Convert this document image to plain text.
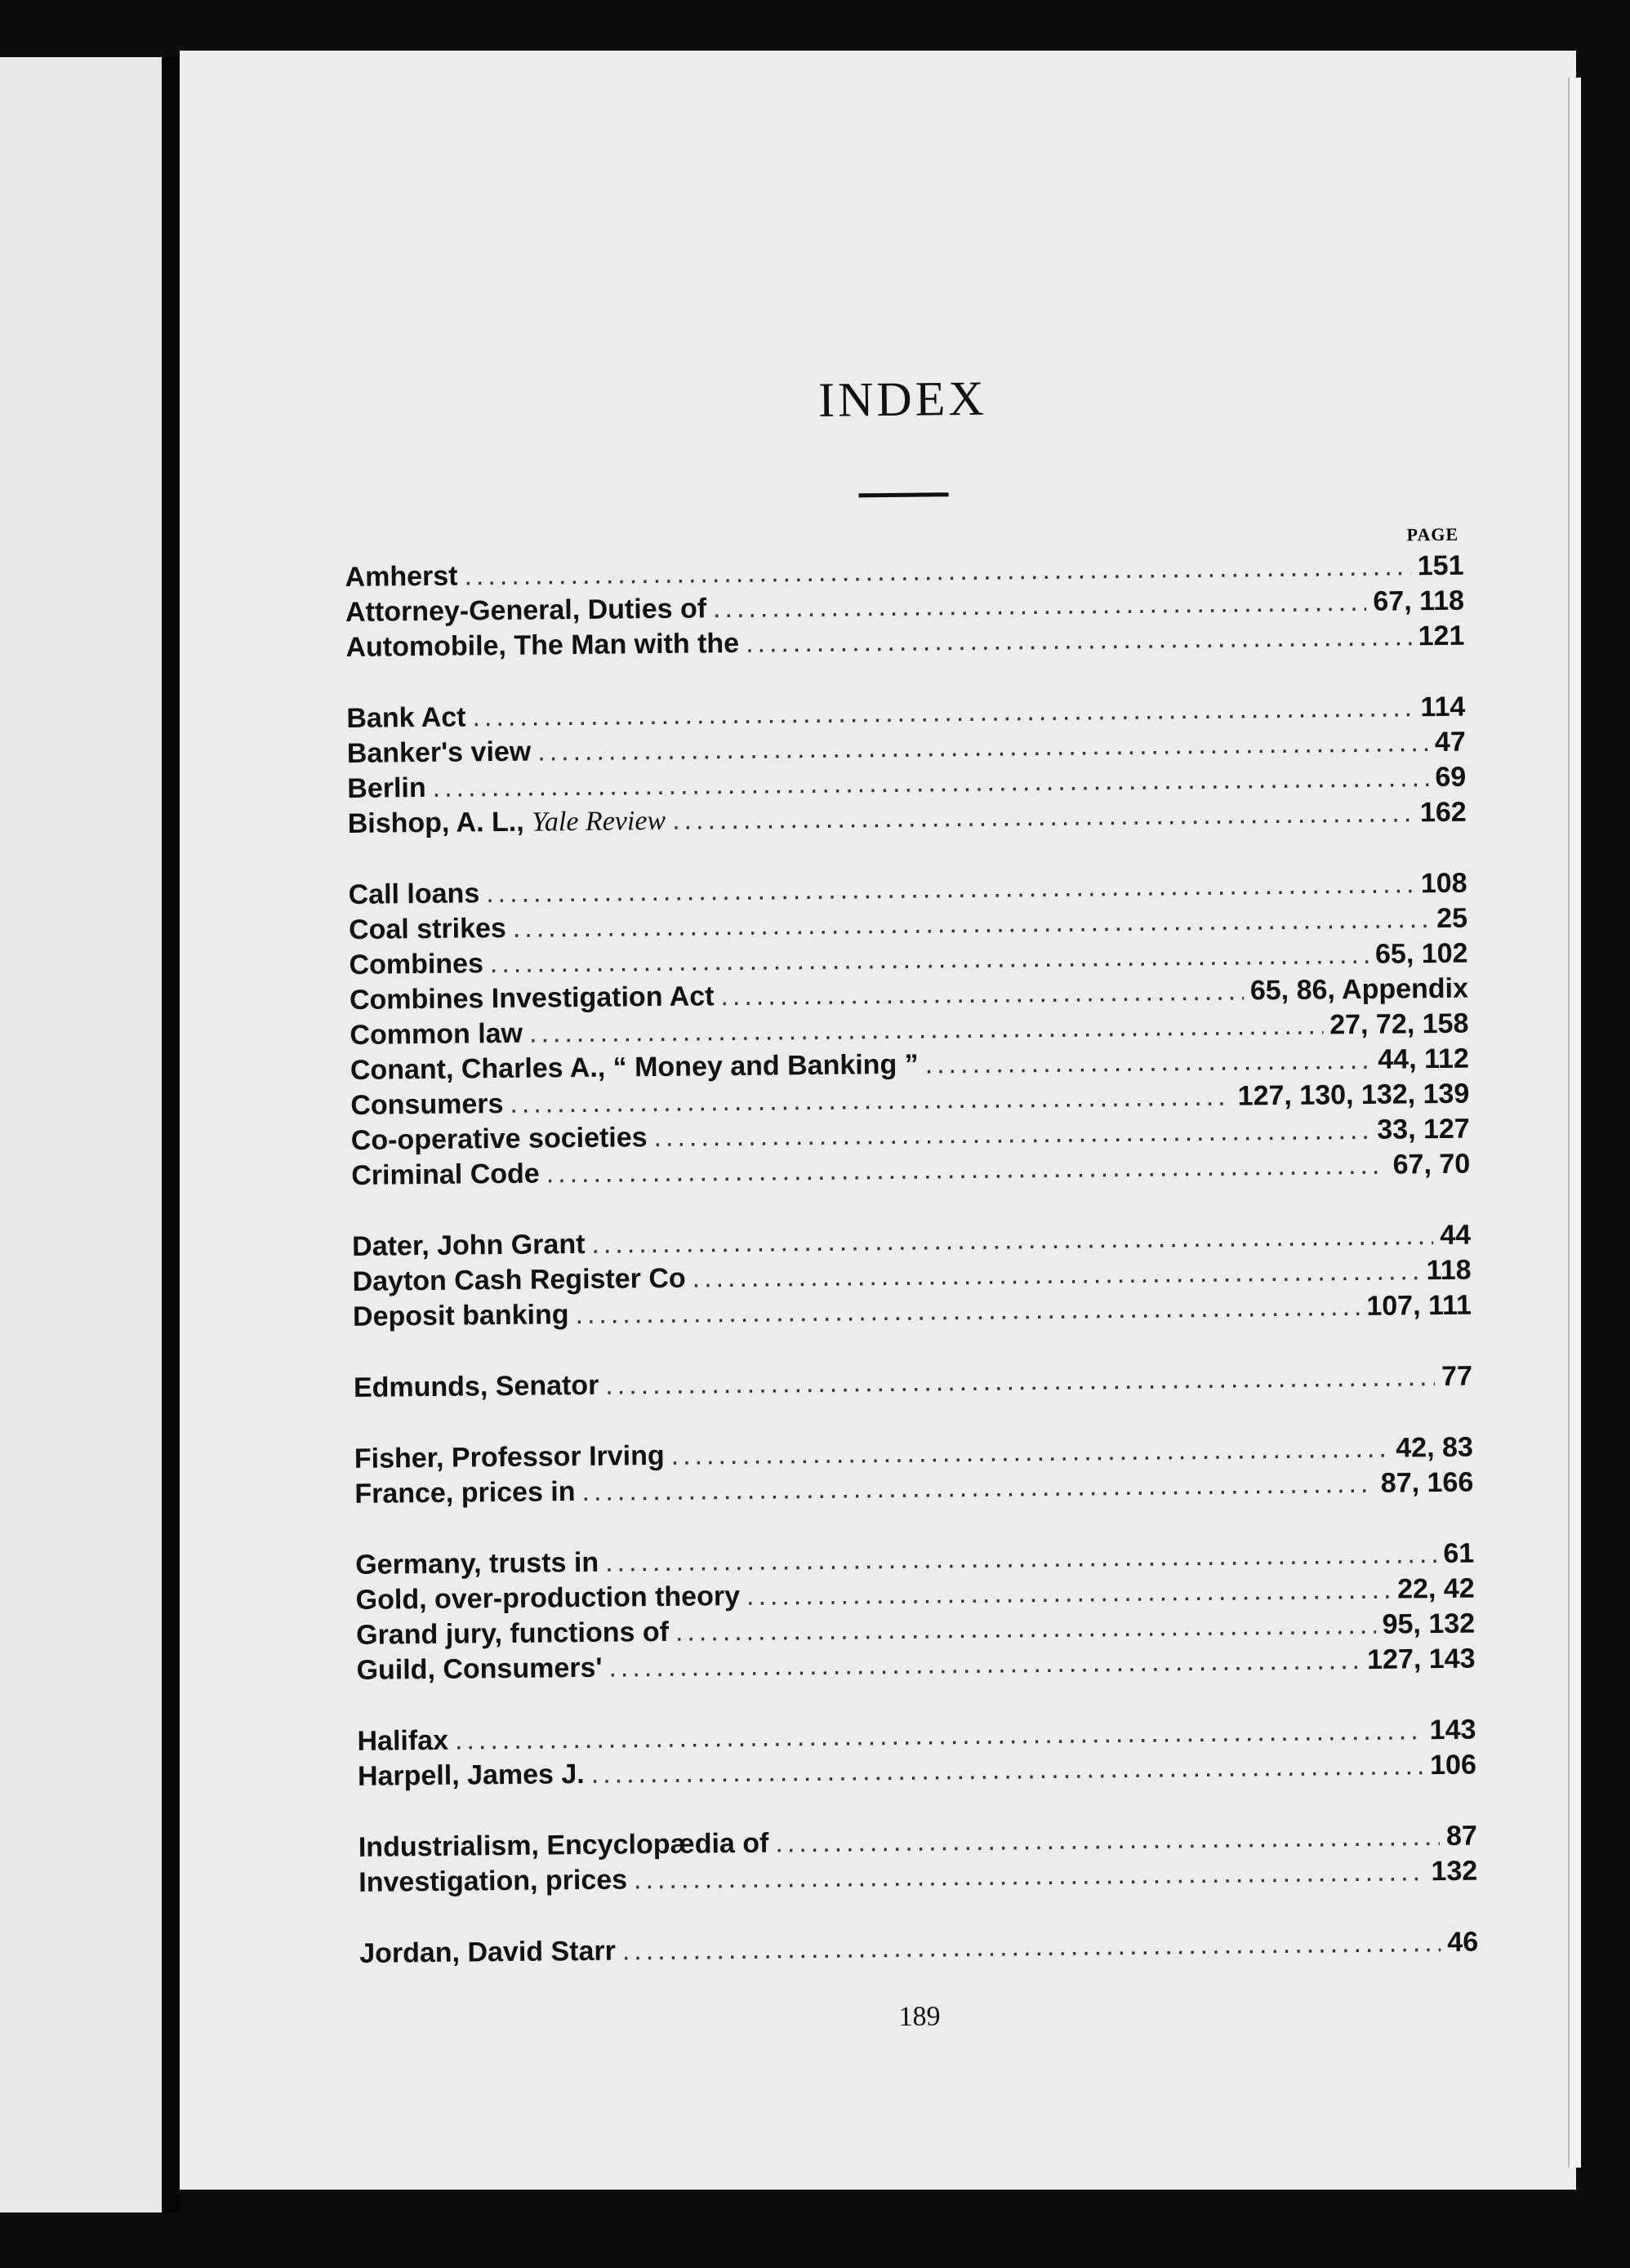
INDEX
PAGE
Amherst .....	151
Attorney-General, Duties of .....	67, 118
Automobile, The Man with the .....	121
Bank Act .....	114
Banker's view .....	47
Berlin .....	69
Bishop, A. L., Yale Review .....	162
Call loans .....	108
Coal strikes .....	25
Combines .....	65, 102
Combines Investigation Act .....	65, 86, Appendix
Common law .....	27, 72, 158
Conant, Charles A., “ Money and Banking ” .....	44, 112
Consumers .....	127, 130, 132, 139
Co-operative societies .....	33, 127
Criminal Code .....	67, 70
Dater, John Grant .....	44
Dayton Cash Register Co .....	118
Deposit banking .....	107, 111
Edmunds, Senator .....	77
Fisher, Professor Irving .....	42, 83
France, prices in .....	87, 166
Germany, trusts in .....	61
Gold, over-production theory .....	22, 42
Grand jury, functions of .....	95, 132
Guild, Consumers' .....	127, 143
Halifax .....	143
Harpell, James J. .....	106
Industrialism, Encyclopædia of .....	87
Investigation, prices .....	132
Jordan, David Starr .....	46
189
